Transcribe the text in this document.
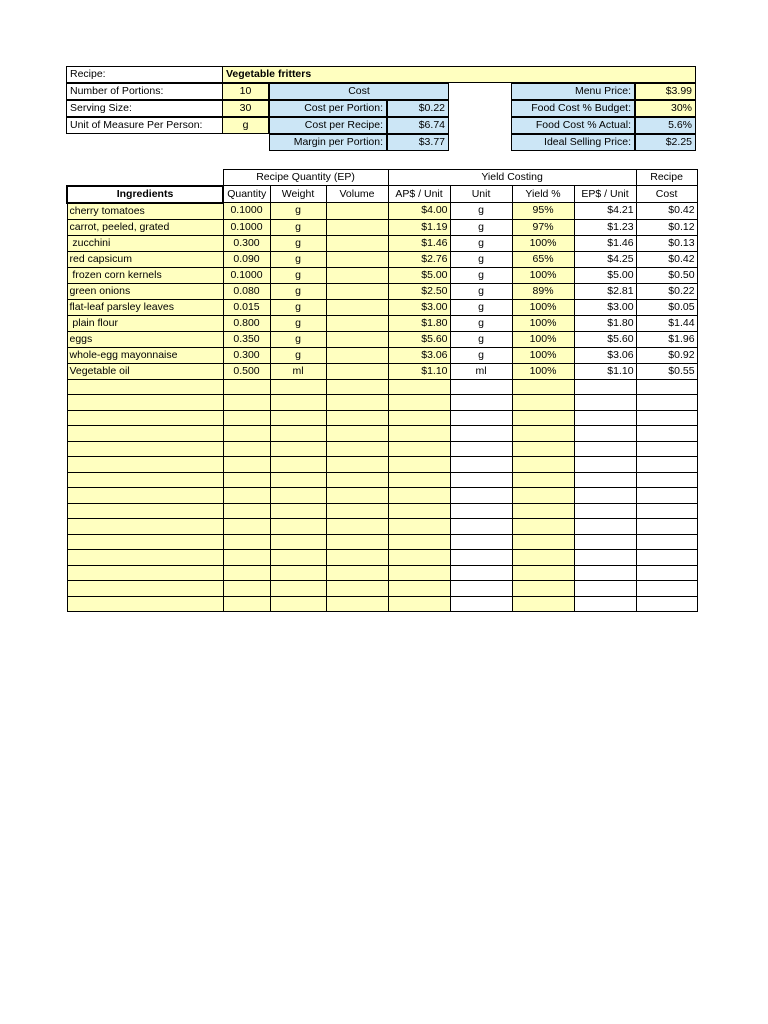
Recipe:	Vegetable fritters
Number of Portions:	10
Serving Size:	30
Unit of Measure Per Person:	g
Cost
Cost per Portion:	$0.22
Cost per Recipe:	$6.74
Margin per Portion:	$3.77
Menu Price:	$3.99
Food Cost % Budget:	30%
Food Cost % Actual:	5.6%
Ideal Selling Price:	$2.25
	Recipe Quantity (EP)			Yield Costing				Recipe
Ingredients	Quantity	Weight	Volume	AP$ / Unit	Unit	Yield %	EP$ / Unit	Cost
cherry tomatoes	0.1000	g		$4.00	g	95%	$4.21	$0.42
carrot, peeled, grated	0.1000	g		$1.19	g	97%	$1.23	$0.12
zucchini	0.300	g		$1.46	g	100%	$1.46	$0.13
red capsicum	0.090	g		$2.76	g	65%	$4.25	$0.42
frozen corn kernels	0.1000	g		$5.00	g	100%	$5.00	$0.50
green onions	0.080	g		$2.50	g	89%	$2.81	$0.22
flat-leaf parsley leaves	0.015	g		$3.00	g	100%	$3.00	$0.05
plain flour	0.800	g		$1.80	g	100%	$1.80	$1.44
eggs	0.350	g		$5.60	g	100%	$5.60	$1.96
whole-egg mayonnaise	0.300	g		$3.06	g	100%	$3.06	$0.92
Vegetable oil	0.500	ml		$1.10	ml	100%	$1.10	$0.55
